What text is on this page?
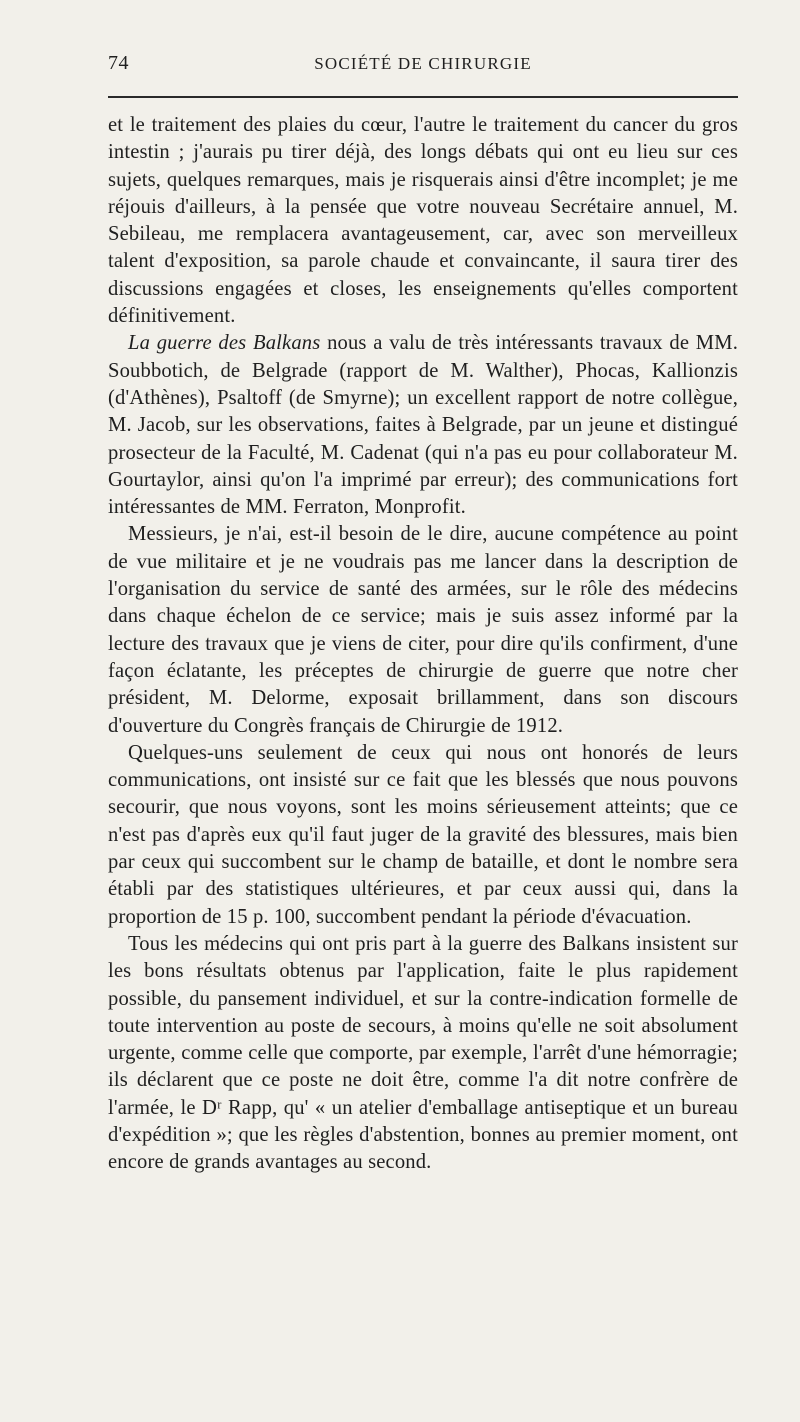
74	SOCIÉTÉ DE CHIRURGIE

et le traitement des plaies du cœur, l'autre le traitement du cancer du gros intestin ; j'aurais pu tirer déjà, des longs débats qui ont eu lieu sur ces sujets, quelques remarques, mais je risquerais ainsi d'être incomplet; je me réjouis d'ailleurs, à la pensée que votre nouveau Secrétaire annuel, M. Sebileau, me remplacera avantageusement, car, avec son merveilleux talent d'exposition, sa parole chaude et convaincante, il saura tirer des discussions engagées et closes, les enseignements qu'elles comportent définitivement.

La guerre des Balkans nous a valu de très intéressants travaux de MM. Soubbotich, de Belgrade (rapport de M. Walther), Phocas, Kallionzis (d'Athènes), Psaltoff (de Smyrne); un excellent rapport de notre collègue, M. Jacob, sur les observations, faites à Belgrade, par un jeune et distingué prosecteur de la Faculté, M. Cadenat (qui n'a pas eu pour collaborateur M. Gourtaylor, ainsi qu'on l'a imprimé par erreur); des communications fort intéressantes de MM. Ferraton, Monprofit.

Messieurs, je n'ai, est-il besoin de le dire, aucune compétence au point de vue militaire et je ne voudrais pas me lancer dans la description de l'organisation du service de santé des armées, sur le rôle des médecins dans chaque échelon de ce service; mais je suis assez informé par la lecture des travaux que je viens de citer, pour dire qu'ils confirment, d'une façon éclatante, les préceptes de chirurgie de guerre que notre cher président, M. Delorme, exposait brillamment, dans son discours d'ouverture du Congrès français de Chirurgie de 1912.

Quelques-uns seulement de ceux qui nous ont honorés de leurs communications, ont insisté sur ce fait que les blessés que nous pouvons secourir, que nous voyons, sont les moins sérieusement atteints; que ce n'est pas d'après eux qu'il faut juger de la gravité des blessures, mais bien par ceux qui succombent sur le champ de bataille, et dont le nombre sera établi par des statistiques ultérieures, et par ceux aussi qui, dans la proportion de 15 p. 100, succombent pendant la période d'évacuation.

Tous les médecins qui ont pris part à la guerre des Balkans insistent sur les bons résultats obtenus par l'application, faite le plus rapidement possible, du pansement individuel, et sur la contre-indication formelle de toute intervention au poste de secours, à moins qu'elle ne soit absolument urgente, comme celle que comporte, par exemple, l'arrêt d'une hémorragie; ils déclarent que ce poste ne doit être, comme l'a dit notre confrère de l'armée, le Dʳ Rapp, qu' « un atelier d'emballage antiseptique et un bureau d'expédition »; que les règles d'abstention, bonnes au premier moment, ont encore de grands avantages au second.
